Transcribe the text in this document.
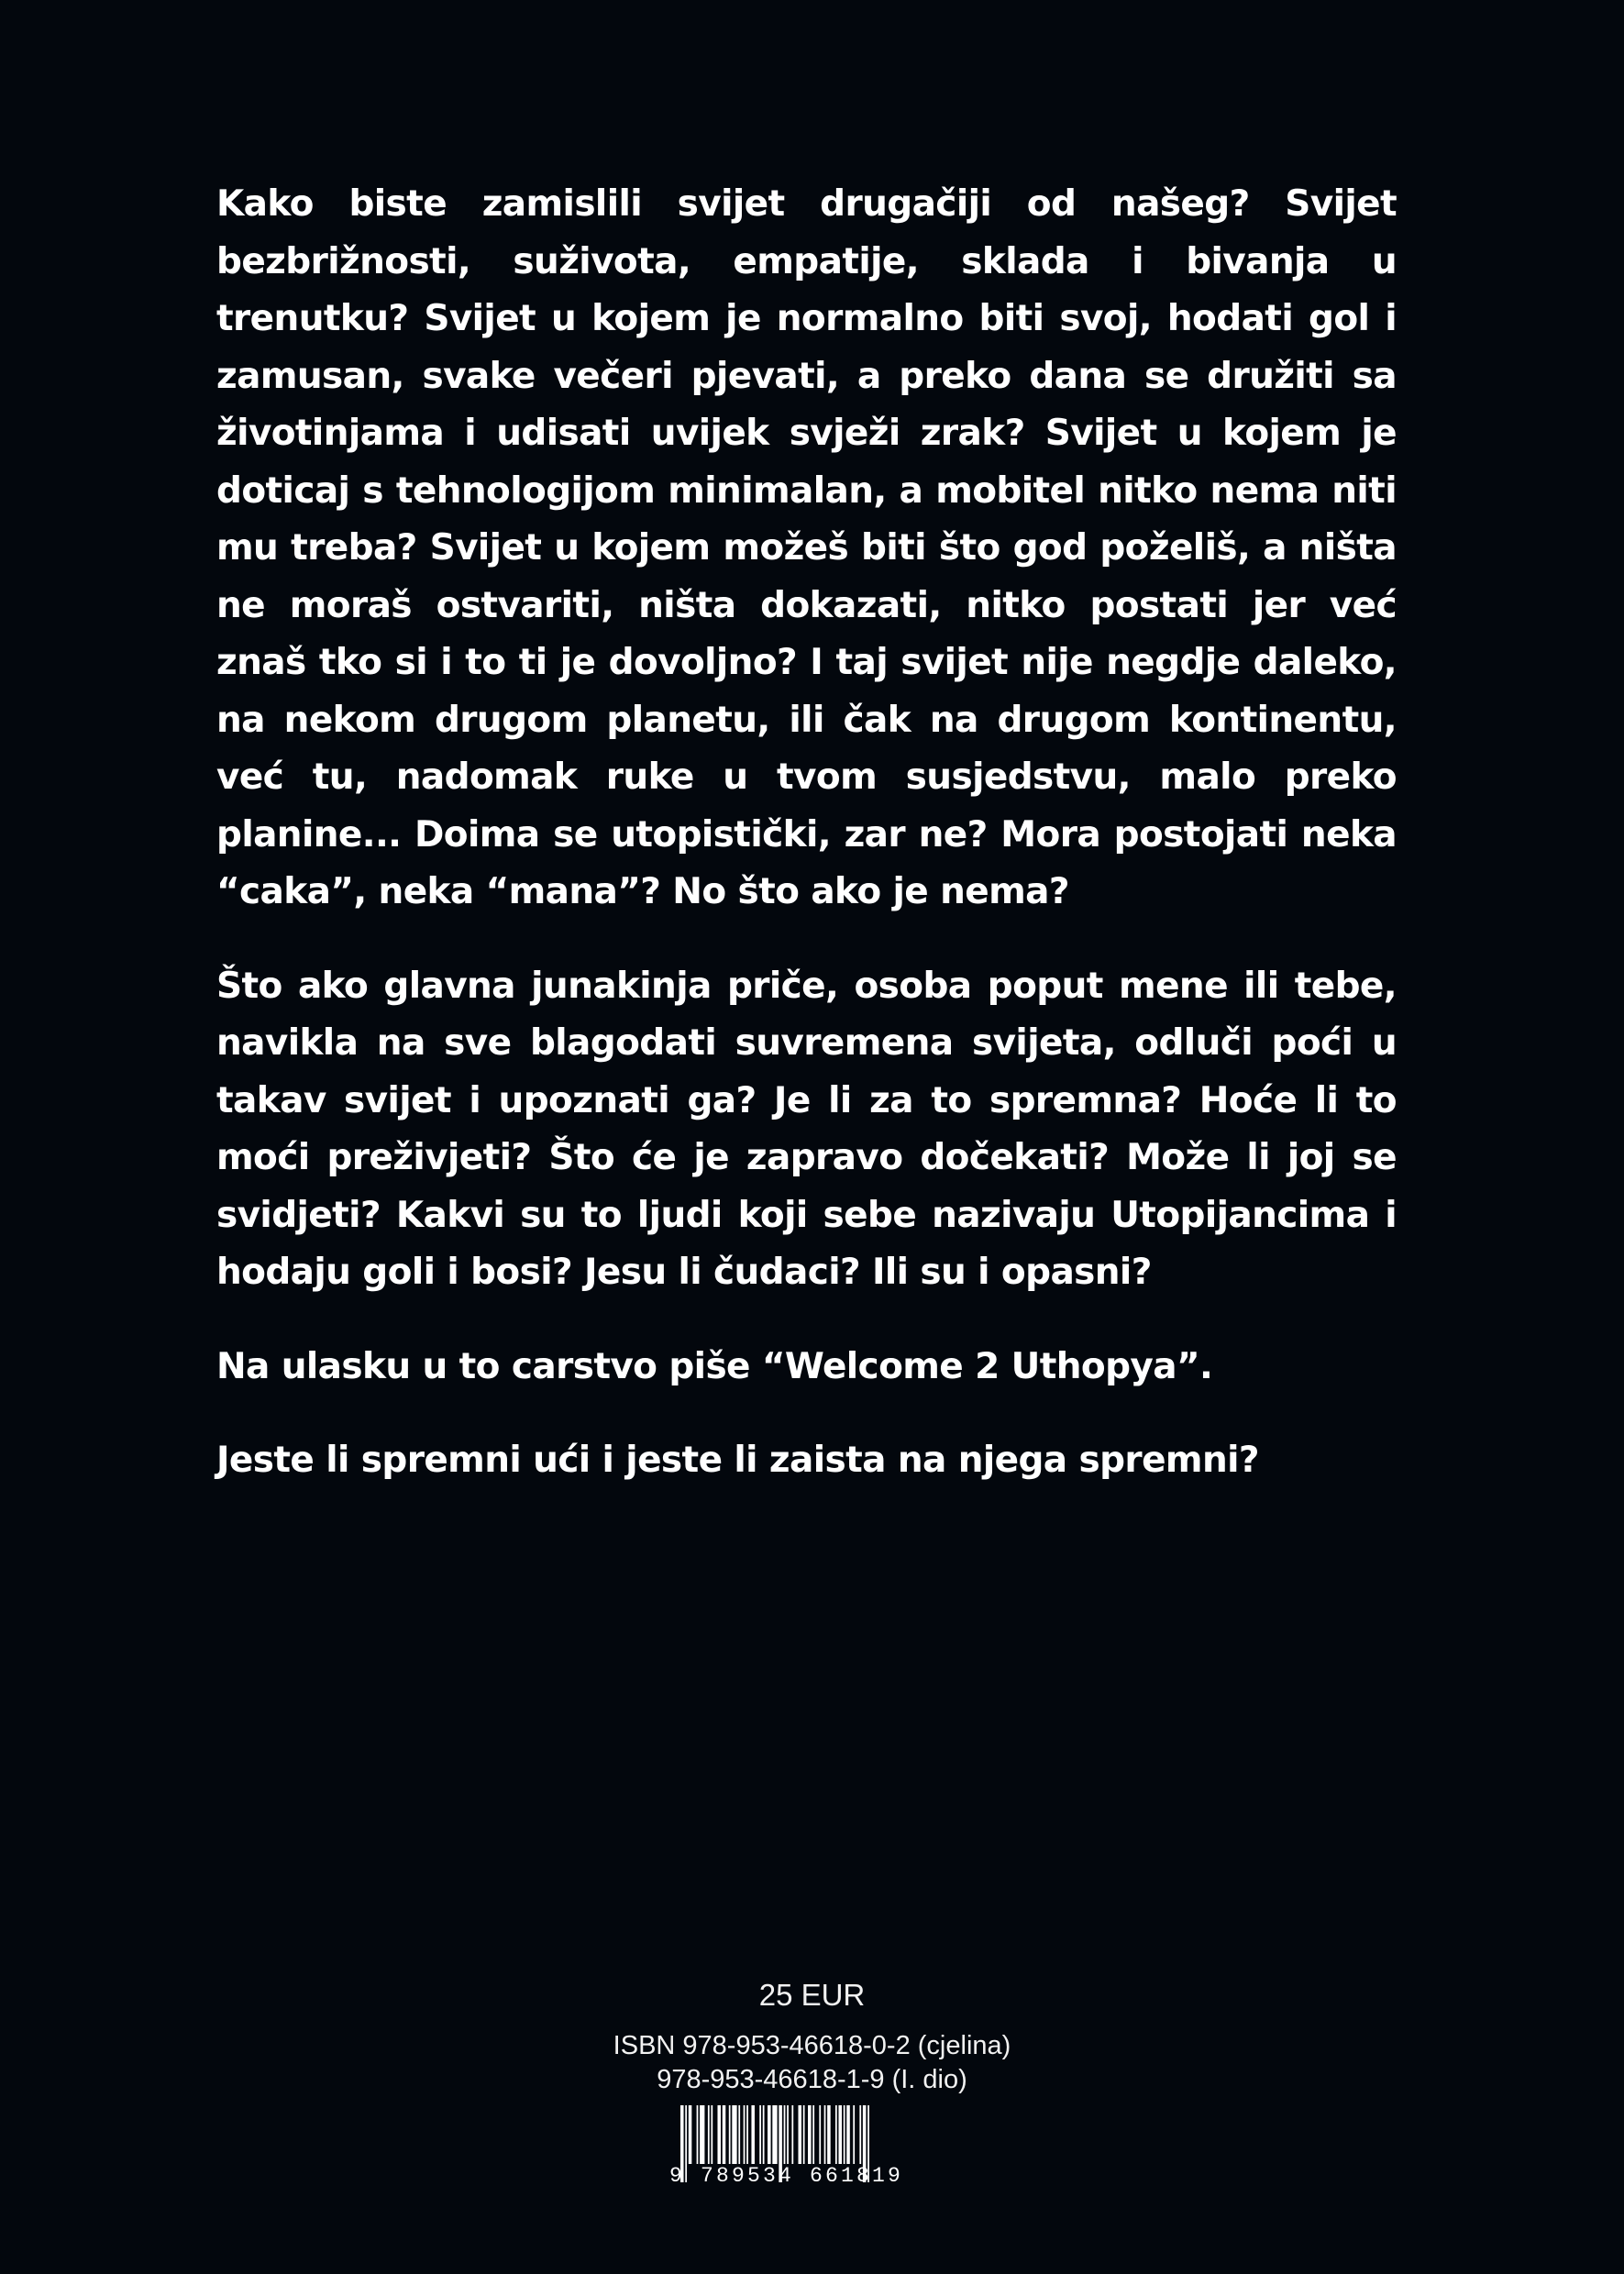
Kako biste zamislili svijet drugačiji od našeg? Svijet bezbrižnosti, suživota, empatije, sklada i bivanja u trenutku? Svijet u kojem je normalno biti svoj, hodati gol i zamusan, svake večeri pjevati, a preko dana se družiti sa životinjama i udisati uvijek svježi zrak? Svijet u kojem je doticaj s tehnologijom minimalan, a mobitel nitko nema niti mu treba? Svijet u kojem možeš biti što god poželiš, a ništa ne moraš ostvariti, ništa dokazati, nitko postati jer već znaš tko si i to ti je dovoljno? I taj svijet nije negdje daleko, na nekom drugom planetu, ili čak na drugom kontinentu, već tu, nadomak ruke u tvom susjedstvu, malo preko planine... Doima se utopistički, zar ne? Mora postojati neka “caka”, neka “mana”? No što ako je nema?

Što ako glavna junakinja priče, osoba poput mene ili tebe, navikla na sve blagodati suvremena svijeta, odluči poći u takav svijet i upoznati ga? Je li za to spremna? Hoće li to moći preživjeti? Što će je zapravo dočekati? Može li joj se svidjeti? Kakvi su to ljudi koji sebe nazivaju Utopijancima i hodaju goli i bosi? Jesu li čudaci? Ili su i opasni?

Na ulasku u to carstvo piše “Welcome 2 Uthopya”.

Jeste li spremni ući i jeste li zaista na njega spremni?

25 EUR
ISBN 978-953-46618-0-2 (cjelina)
978-953-46618-1-9 (I. dio)
9 789534 661819
